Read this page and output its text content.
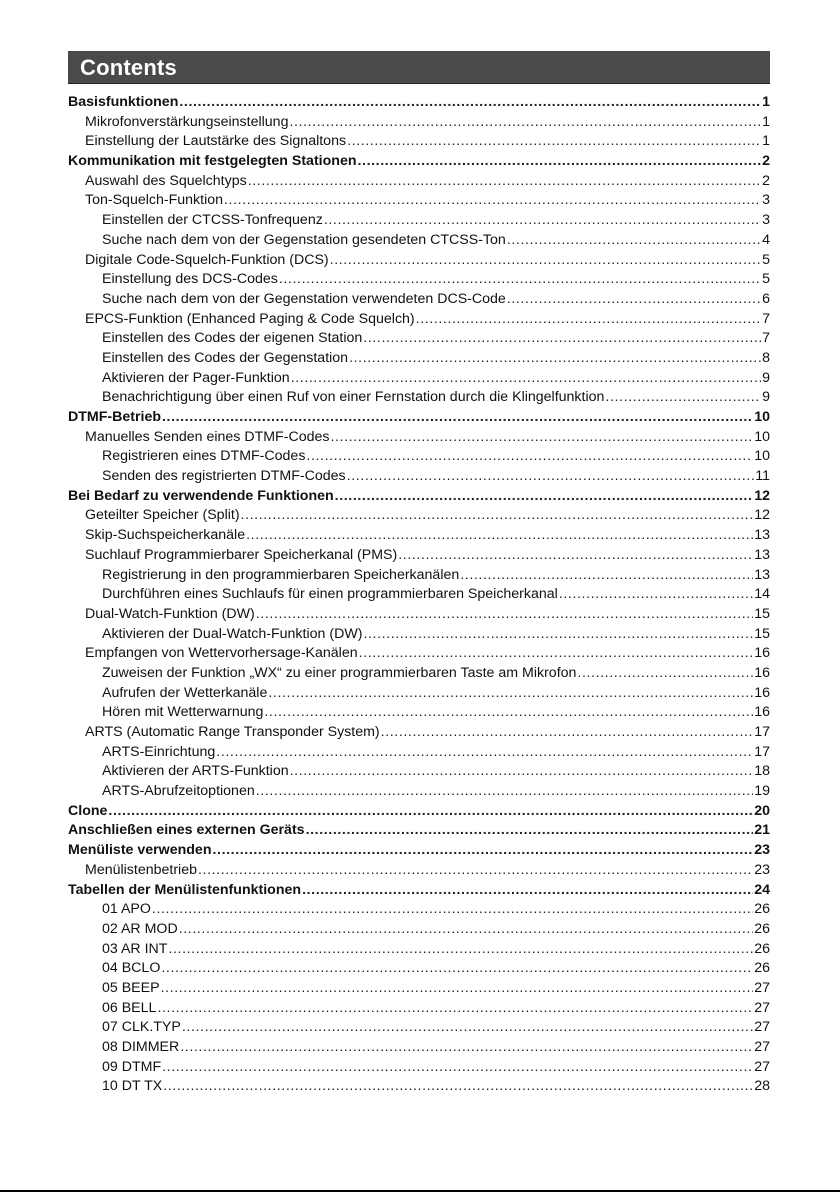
Contents
Basisfunktionen .....	1
Mikrofonverstärkungseinstellung .....	1
Einstellung der Lautstärke des Signaltons .....	1
Kommunikation mit festgelegten Stationen .....	2
Auswahl des Squelchtyps .....	2
Ton-Squelch-Funktion .....	3
Einstellen der CTCSS-Tonfrequenz .....	3
Suche nach dem von der Gegenstation gesendeten CTCSS-Ton .....	4
Digitale Code-Squelch-Funktion (DCS) .....	5
Einstellung des DCS-Codes .....	5
Suche nach dem von der Gegenstation verwendeten DCS-Code .....	6
EPCS-Funktion (Enhanced Paging & Code Squelch) .....	7
Einstellen des Codes der eigenen Station .....	7
Einstellen des Codes der Gegenstation .....	8
Aktivieren der Pager-Funktion .....	9
Benachrichtigung über einen Ruf von einer Fernstation durch die Klingelfunktion .....	9
DTMF-Betrieb .....	10
Manuelles Senden eines DTMF-Codes .....	10
Registrieren eines DTMF-Codes .....	10
Senden des registrierten DTMF-Codes .....	11
Bei Bedarf zu verwendende Funktionen .....	12
Geteilter Speicher (Split) .....	12
Skip-Suchspeicherkanäle .....	13
Suchlauf Programmierbarer Speicherkanal (PMS) .....	13
Registrierung in den programmierbaren Speicherkanälen .....	13
Durchführen eines Suchlaufs für einen programmierbaren Speicherkanal .....	14
Dual-Watch-Funktion (DW) .....	15
Aktivieren der Dual-Watch-Funktion (DW) .....	15
Empfangen von Wettervorhersage-Kanälen .....	16
Zuweisen der Funktion „WX“ zu einer programmierbaren Taste am Mikrofon .....	16
Aufrufen der Wetterkanäle .....	16
Hören mit Wetterwarnung .....	16
ARTS (Automatic Range Transponder System) .....	17
ARTS-Einrichtung .....	17
Aktivieren der ARTS-Funktion .....	18
ARTS-Abrufzeitoptionen .....	19
Clone .....	20
Anschließen eines externen Geräts .....	21
Menüliste verwenden .....	23
Menülistenbetrieb .....	23
Tabellen der Menülistenfunktionen .....	24
01 APO .....	26
02 AR MOD .....	26
03 AR INT .....	26
04 BCLO .....	26
05 BEEP .....	27
06 BELL .....	27
07 CLK.TYP .....	27
08 DIMMER .....	27
09 DTMF .....	27
10 DT TX .....	28
